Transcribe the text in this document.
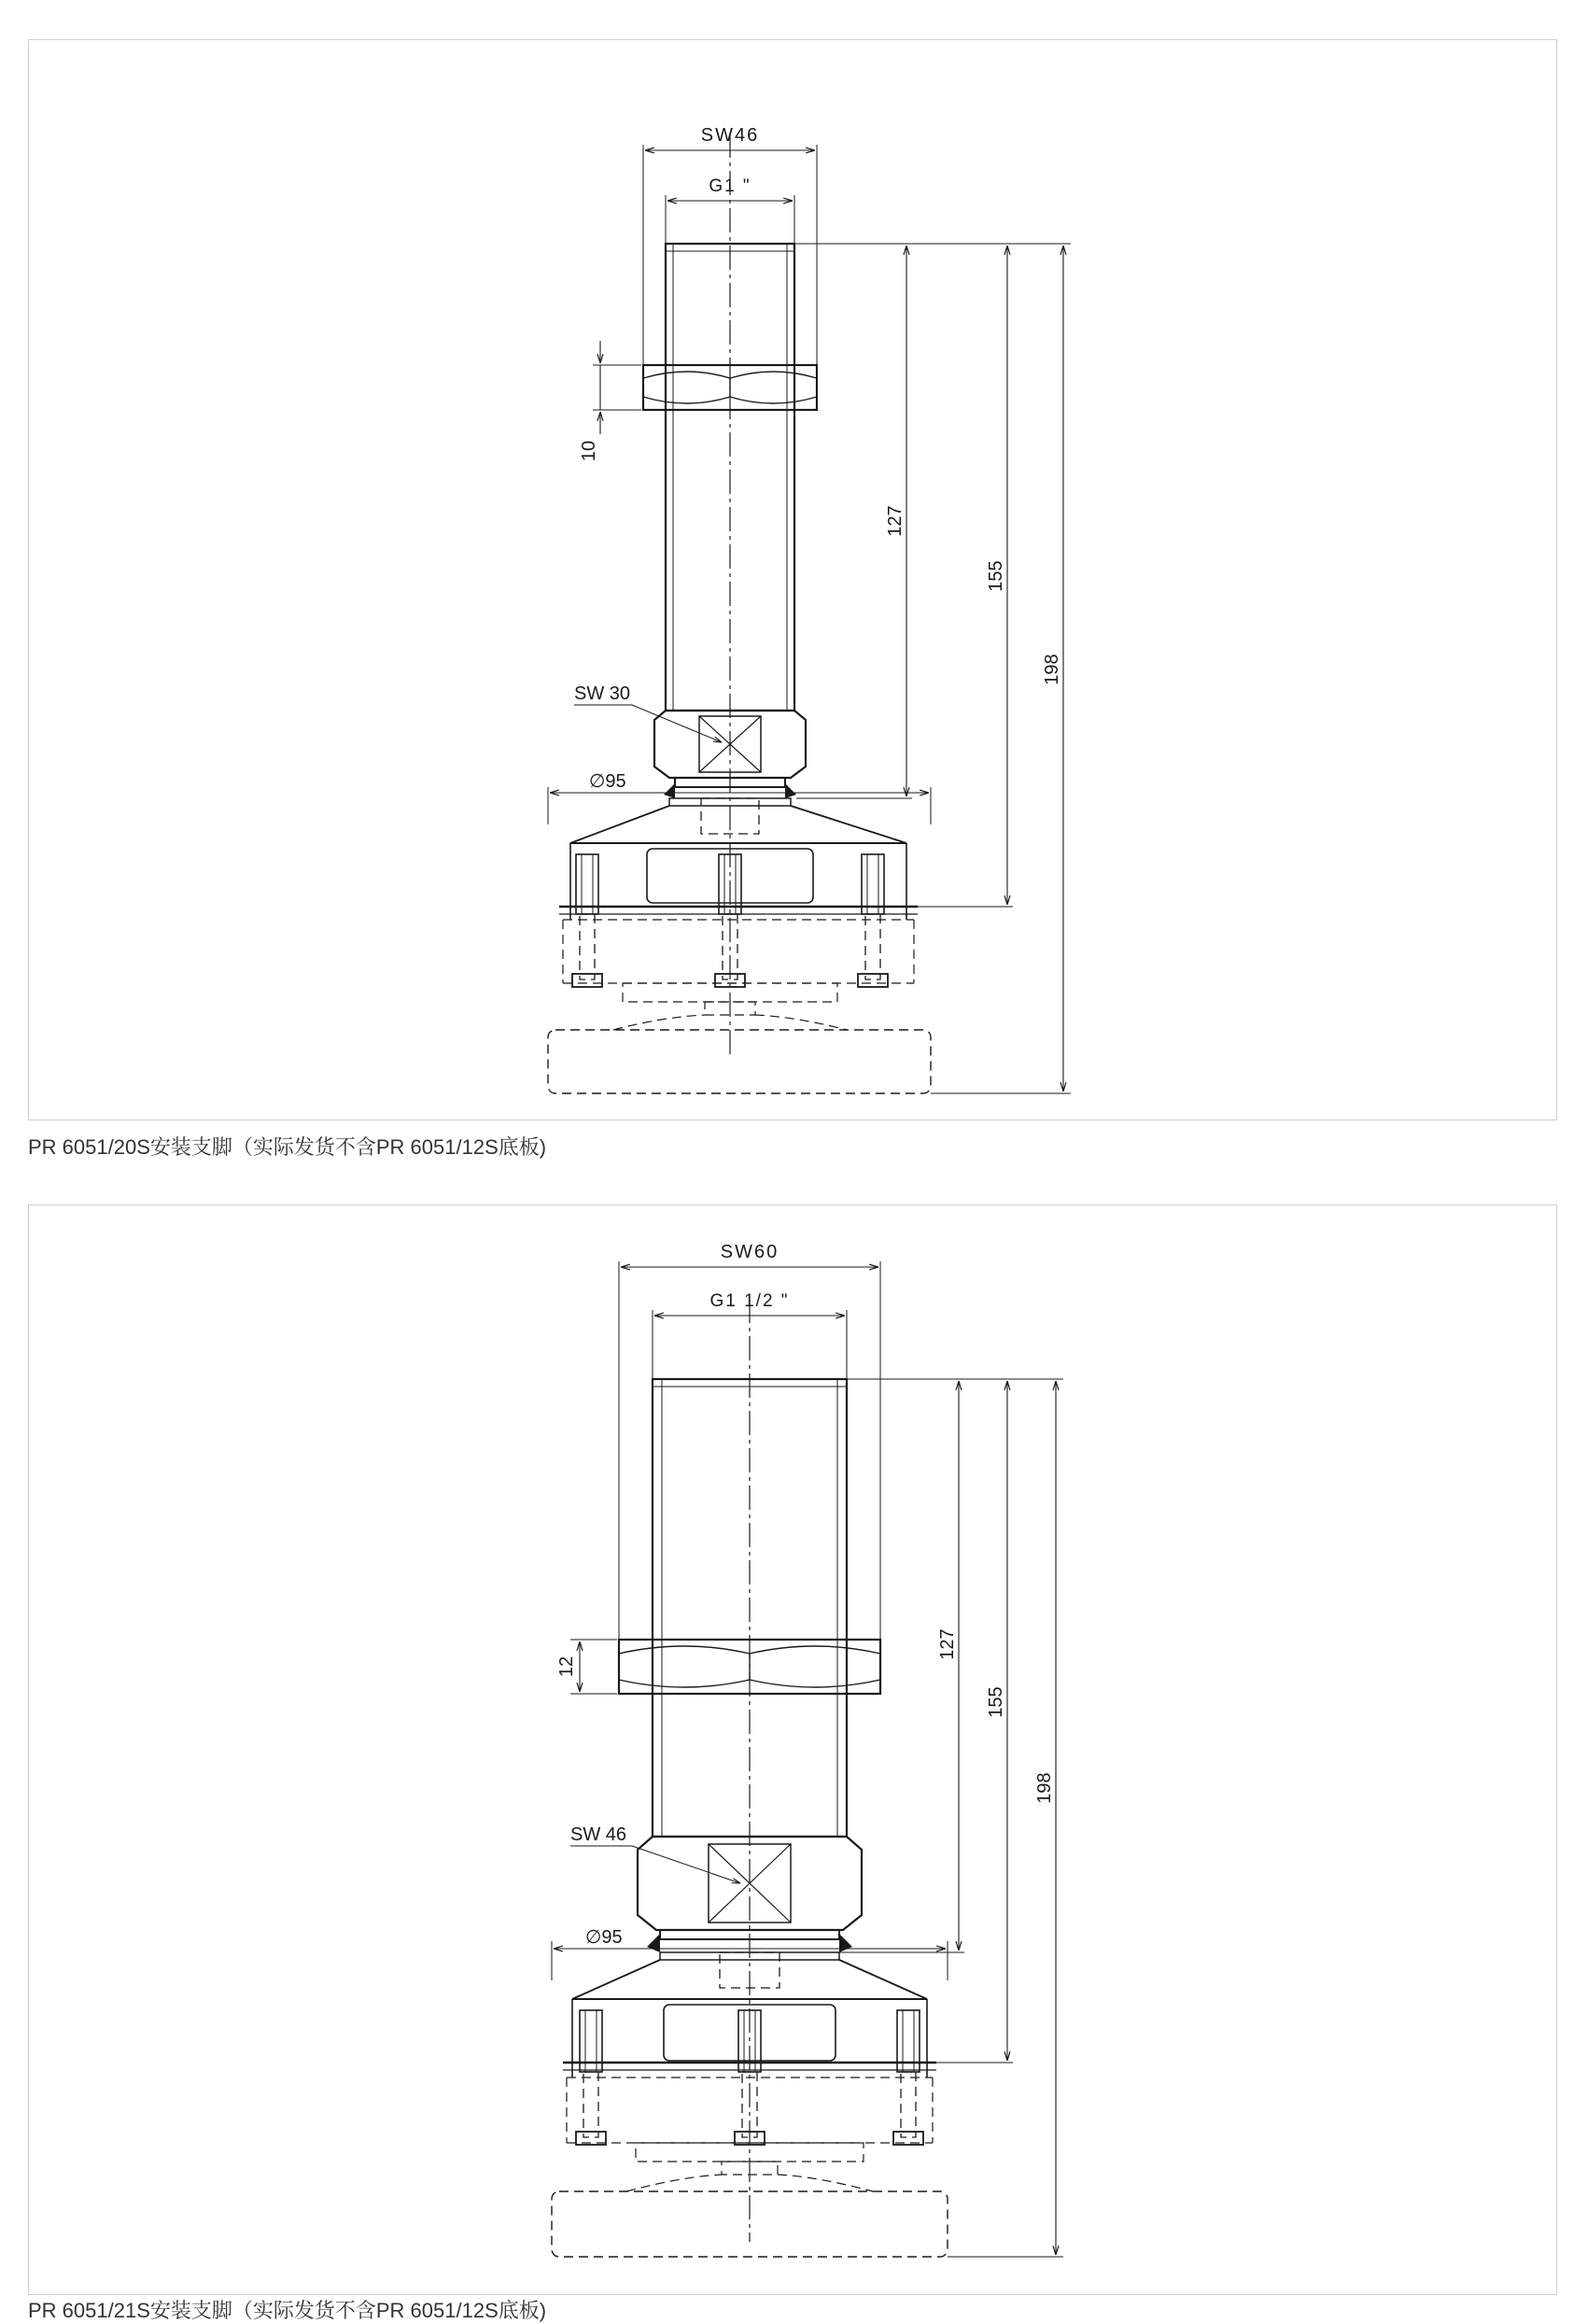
SW46
G1 "
10
127
155
198
SW 30
∅95
PR 6051/20S安装支脚（实际发货不含PR 6051/12S底板)
SW60
G1 1/2 "
12
127
155
198
SW 46
∅95
PR 6051/21S安装支脚（实际发货不含PR 6051/12S底板)
